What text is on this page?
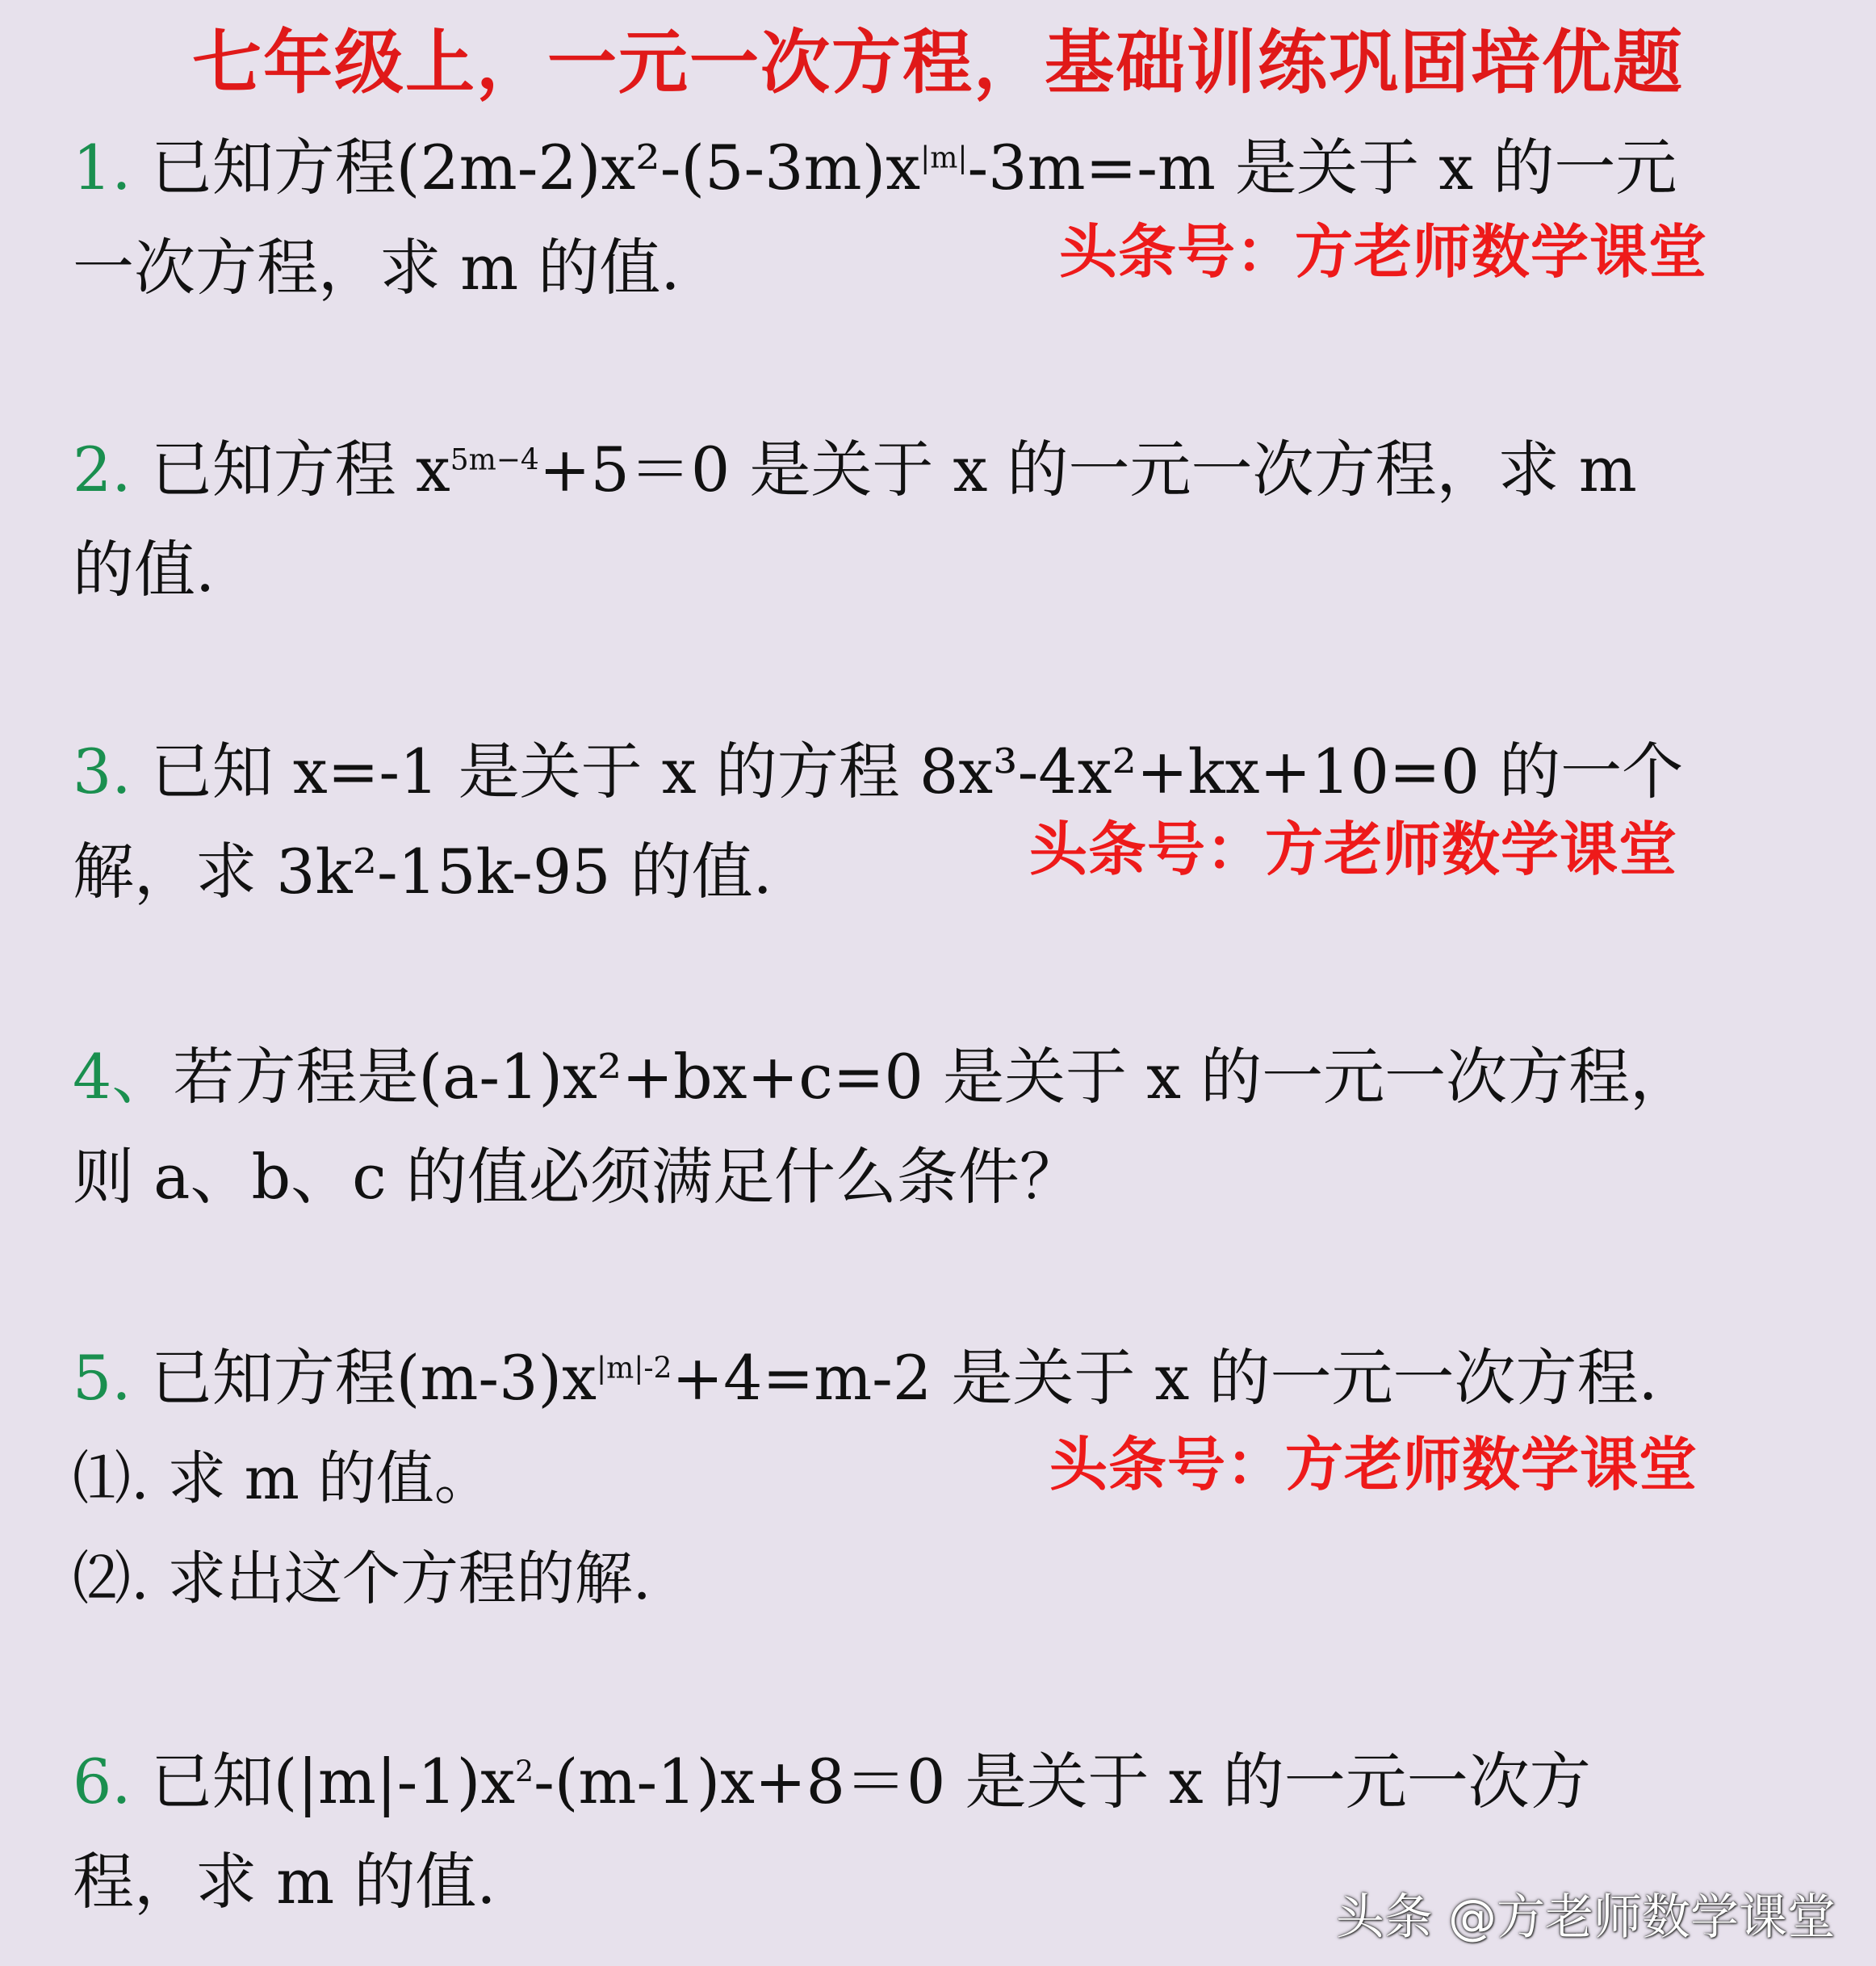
七年级上，一元一次方程，基础训练巩固培优题
1. 已知方程$(2m-2)x^2-(5-3m)x^{|m|}-3m=-m$ 是关于 x 的一元
一次方程，求 m 的值.	头条号：方老师数学课堂
2. 已知方程 $x^{5m-4}+5=0$ 是关于 x 的一元一次方程，求 m
的值.
3. 已知 x=-1 是关于 x 的方程 8x³-4x²+kx+10=0 的一个
解，求 3k²-15k-95 的值.	头条号：方老师数学课堂
4、若方程是(a-1)x²+bx+c=0 是关于 x 的一元一次方程，
则 a、b、c 的值必须满足什么条件？
5. 已知方程$(m-3)x^{|m|-2}+4=m-2$ 是关于 x 的一元一次方程.
⑴. 求 m 的值。
⑵. 求出这个方程的解.
头条号：方老师数学课堂
6. 已知$(|m|-1)x^2-(m-1)x+8=0$ 是关于 x 的一元一次方
程，求 m 的值.	头条 @方老师数学课堂
